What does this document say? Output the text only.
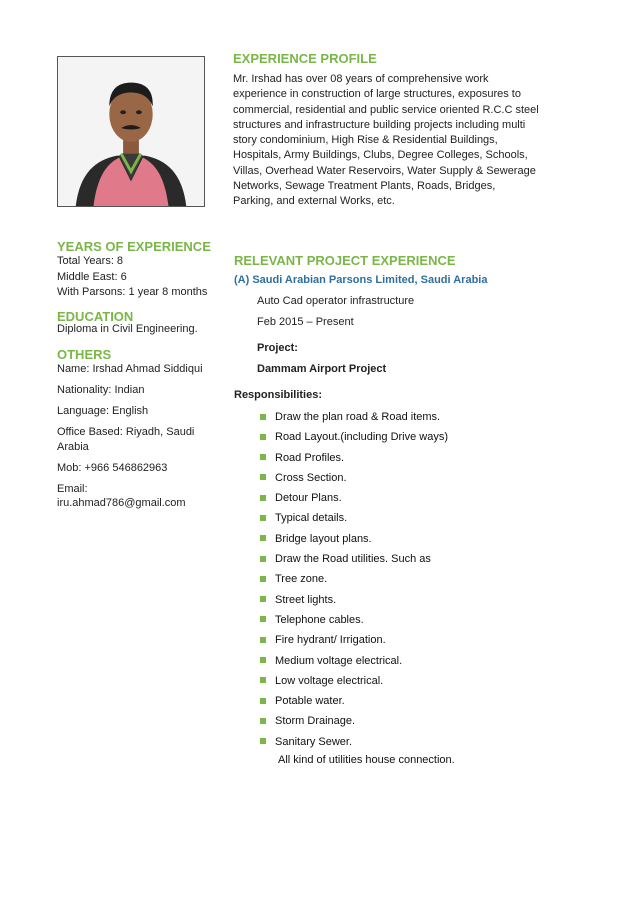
YEARS OF EXPERIENCE
Total Years: 8
Middle East: 6
With Parsons: 1 year 8 months
EDUCATION
Diploma in Civil Engineering.
OTHERS
Name: Irshad Ahmad Siddiqui
Nationality: Indian
Language: English
Office Based: Riyadh, Saudi
Arabia
Mob: +966 546862963
Email:
iru.ahmad786@gmail.com
EXPERIENCE PROFILE
Mr. Irshad has over 08 years of comprehensive work
experience in construction of large structures, exposures to
commercial, residential and public service oriented R.C.C steel
structures and infrastructure building projects including multi
story condominium, High Rise & Residential Buildings,
Hospitals, Army Buildings, Clubs, Degree Colleges, Schools,
Villas, Overhead Water Reservoirs, Water Supply & Sewerage
Networks, Sewage Treatment Plants, Roads, Bridges,
Parking, and external Works, etc.
RELEVANT PROJECT EXPERIENCE
(A) Saudi Arabian Parsons Limited, Saudi Arabia
Auto Cad operator infrastructure
Feb 2015 – Present
Project:
Dammam Airport Project
Responsibilities:
Draw the plan road & Road items.
Road Layout.(including Drive ways)
Road Profiles.
Cross Section.
Detour Plans.
Typical details.
Bridge layout plans.
Draw the Road utilities. Such as
Tree zone.
Street lights.
Telephone cables.
Fire hydrant/ Irrigation.
Medium voltage electrical.
Low voltage electrical.
Potable water.
Storm Drainage.
Sanitary Sewer.
All kind of utilities house connection.
